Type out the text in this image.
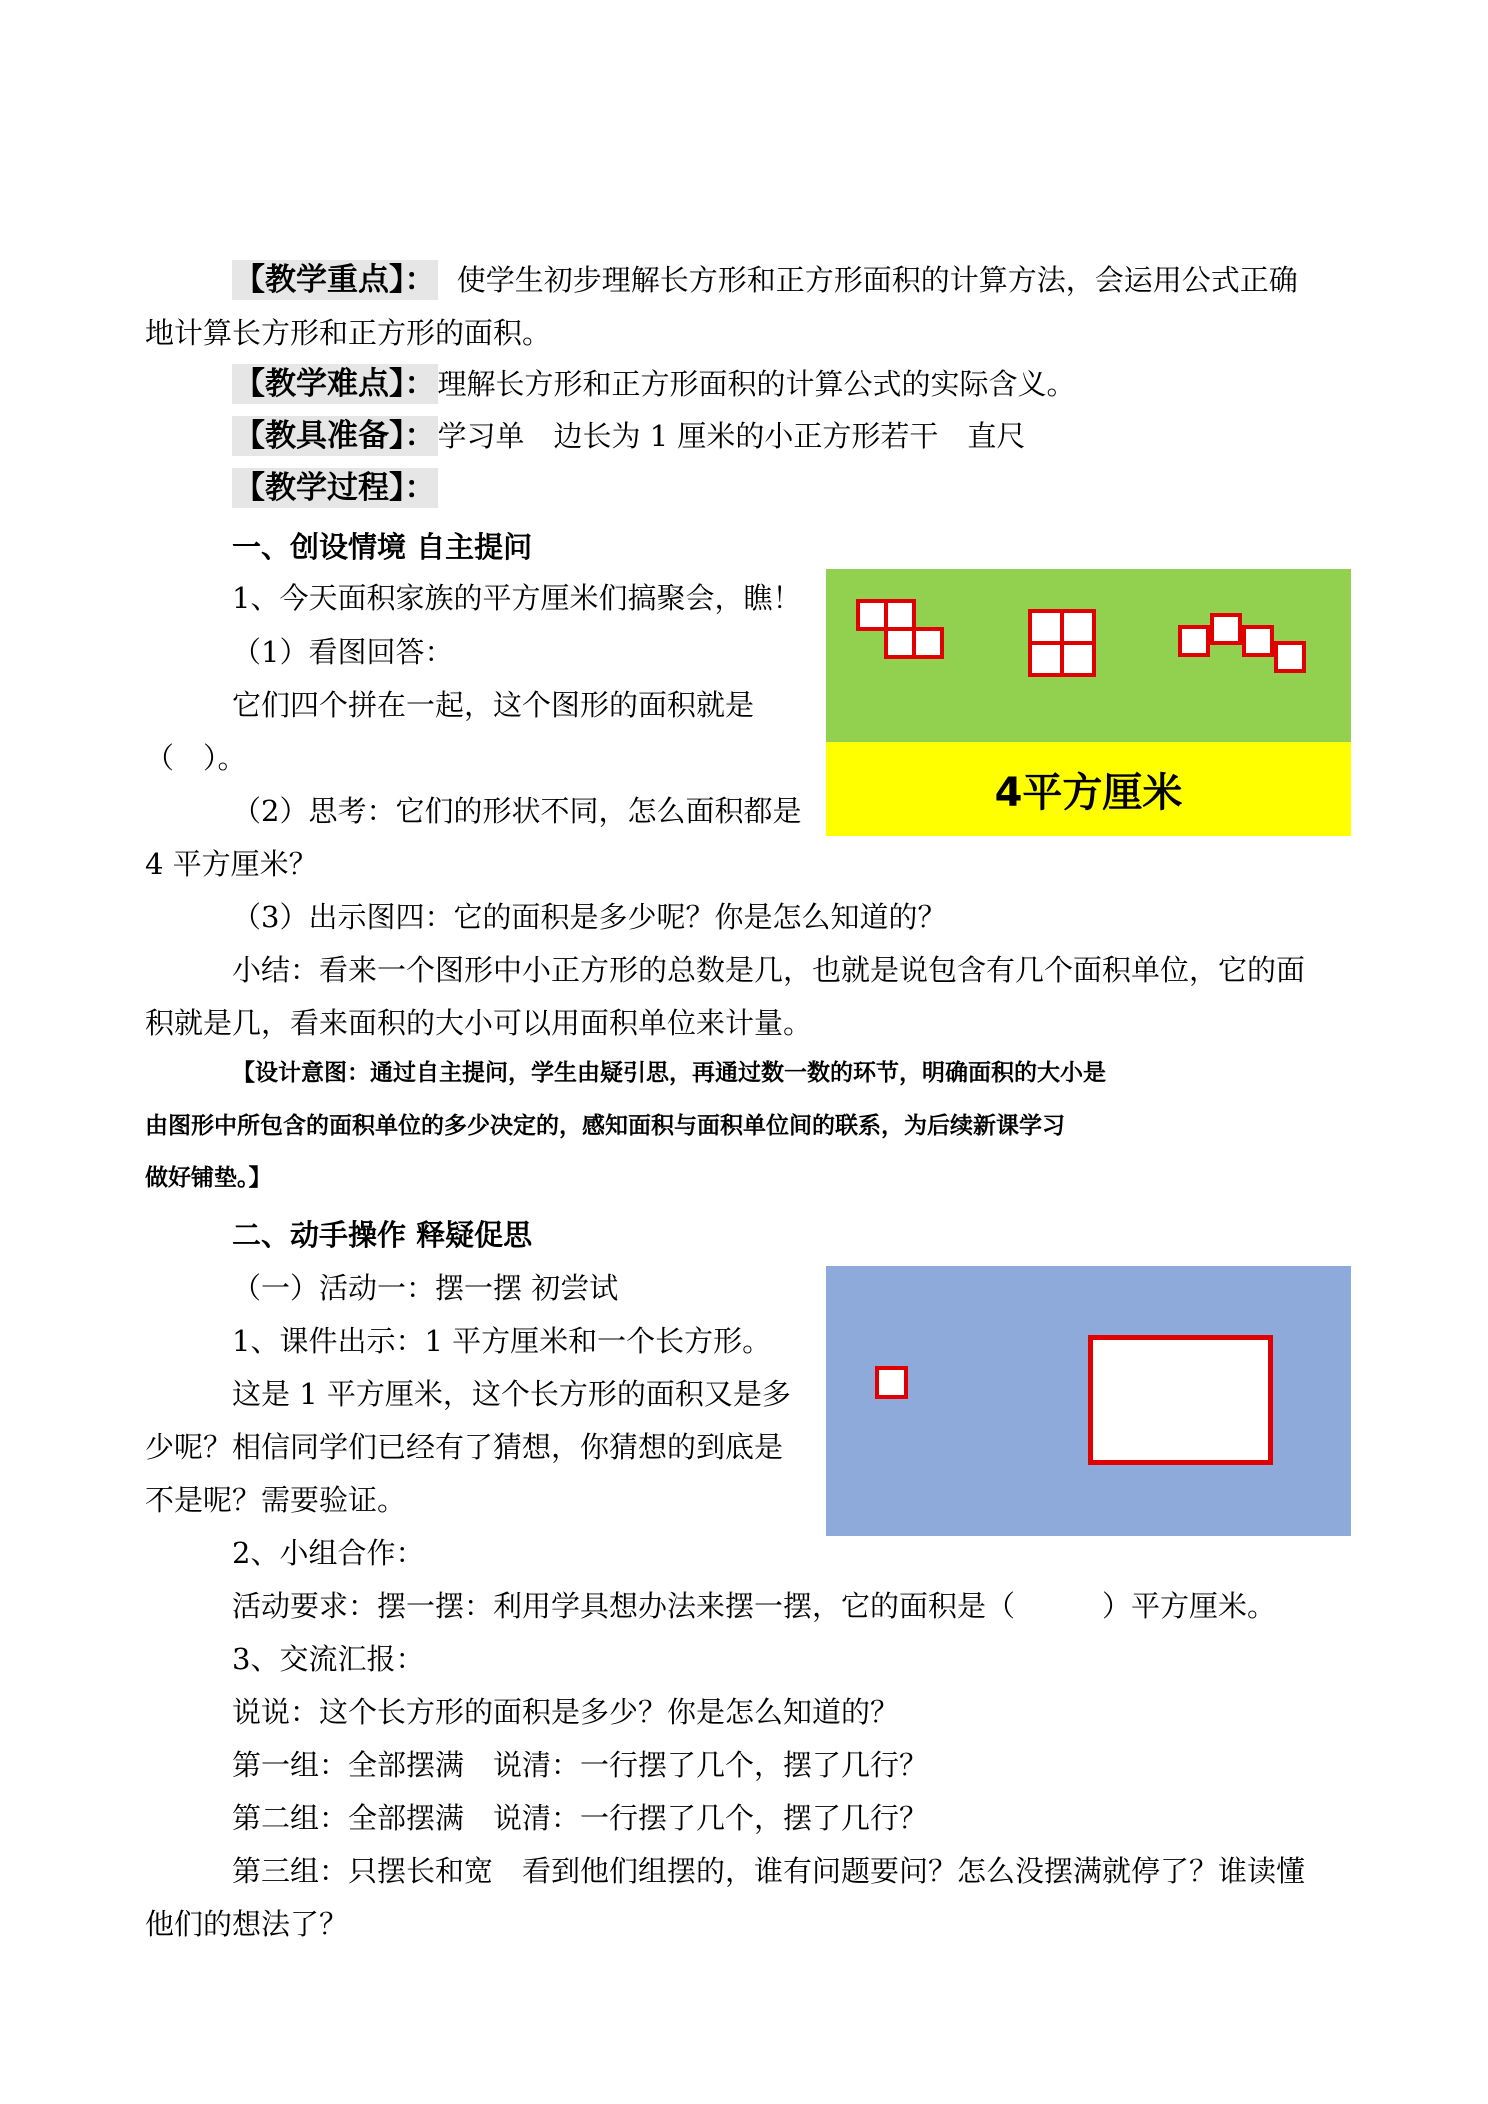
【教学重点】： 使学生初步理解长方形和正方形面积的计算方法，会运用公式正确
地计算长方形和正方形的面积。
【教学难点】：理解长方形和正方形面积的计算公式的实际含义。
【教具准备】：学习单　边长为 1 厘米的小正方形若干　直尺
【教学过程】：
一、创设情境 自主提问
1、今天面积家族的平方厘米们搞聚会，瞧！
（1）看图回答：
它们四个拼在一起，这个图形的面积就是
（　）。
（2）思考：它们的形状不同，怎么面积都是
4 平方厘米？
（3）出示图四：它的面积是多少呢？你是怎么知道的？
小结：看来一个图形中小正方形的总数是几，也就是说包含有几个面积单位，它的面
积就是几，看来面积的大小可以用面积单位来计量。
4平方厘米
【设计意图：通过自主提问，学生由疑引思，再通过数一数的环节，明确面积的大小是
由图形中所包含的面积单位的多少决定的，感知面积与面积单位间的联系，为后续新课学习
做好铺垫。】
二、动手操作 释疑促思
（一）活动一：摆一摆 初尝试
1、课件出示：1 平方厘米和一个长方形。
这是 1 平方厘米，这个长方形的面积又是多
少呢？相信同学们已经有了猜想，你猜想的到底是
不是呢？需要验证。
2、小组合作：
活动要求：摆一摆：利用学具想办法来摆一摆，它的面积是（　　　）平方厘米。
3、交流汇报：
说说：这个长方形的面积是多少？你是怎么知道的？
第一组：全部摆满　说清：一行摆了几个，摆了几行？
第二组：全部摆满　说清：一行摆了几个，摆了几行？
第三组：只摆长和宽　看到他们组摆的，谁有问题要问？怎么没摆满就停了？谁读懂
他们的想法了？
